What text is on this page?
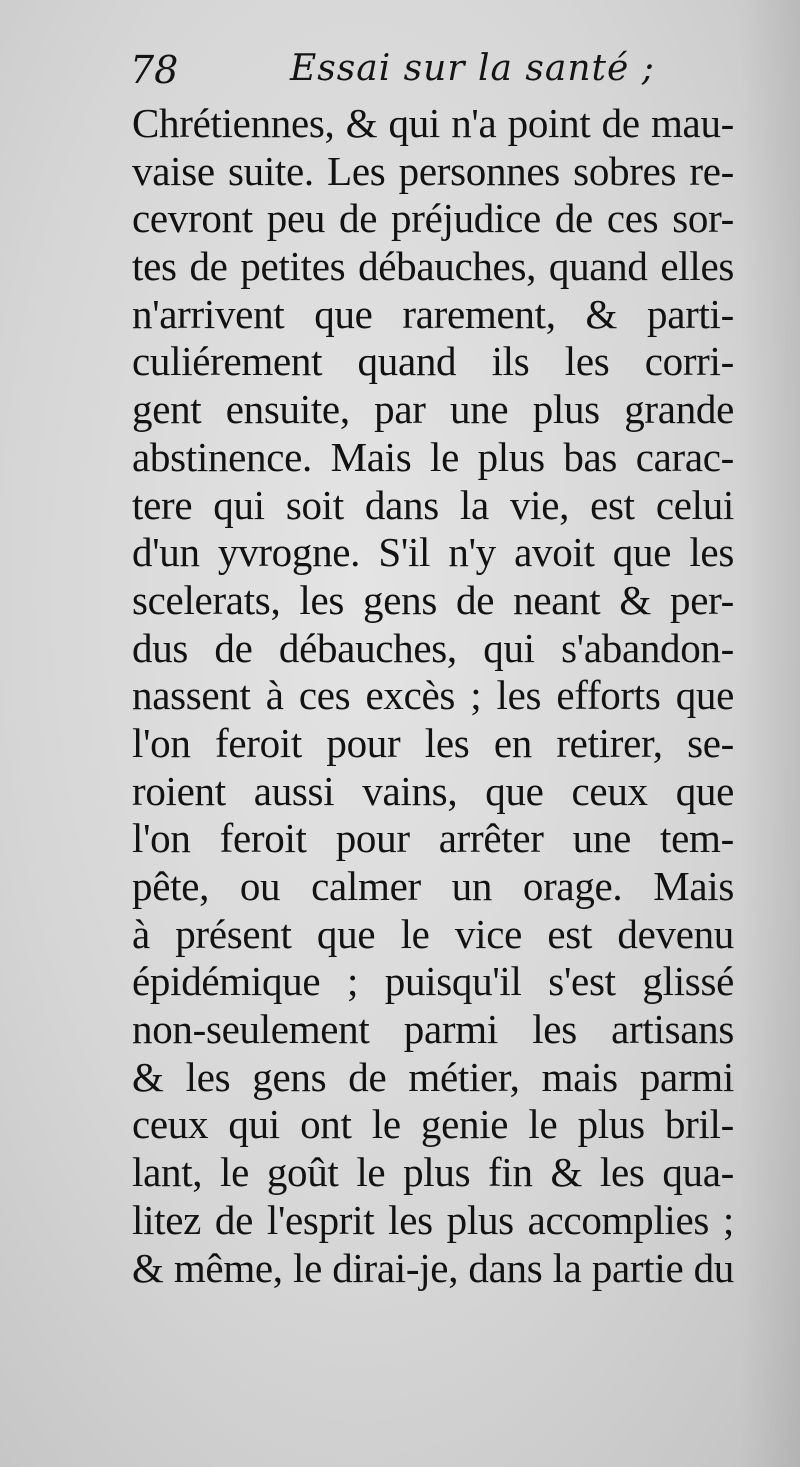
78	Essai sur la santé ;
Chrétiennes, & qui n'a point de mau-
vaise suite. Les personnes sobres re-
cevront peu de préjudice de ces sor-
tes de petites débauches, quand elles
n'arrivent que rarement, & parti-
culiérement quand ils les corri-
gent ensuite, par une plus grande
abstinence. Mais le plus bas carac-
tere qui soit dans la vie, est celui
d'un yvrogne. S'il n'y avoit que les
scelerats, les gens de neant & per-
dus de débauches, qui s'abandon-
nassent à ces excès ; les efforts que
l'on feroit pour les en retirer, se-
roient aussi vains, que ceux que
l'on feroit pour arrêter une tem-
pête, ou calmer un orage. Mais
à présent que le vice est devenu
épidémique ; puisqu'il s'est glissé
non-seulement parmi les artisans
& les gens de métier, mais parmi
ceux qui ont le genie le plus bril-
lant, le goût le plus fin & les qua-
litez de l'esprit les plus accomplies ;
& même, le dirai-je, dans la partie du
